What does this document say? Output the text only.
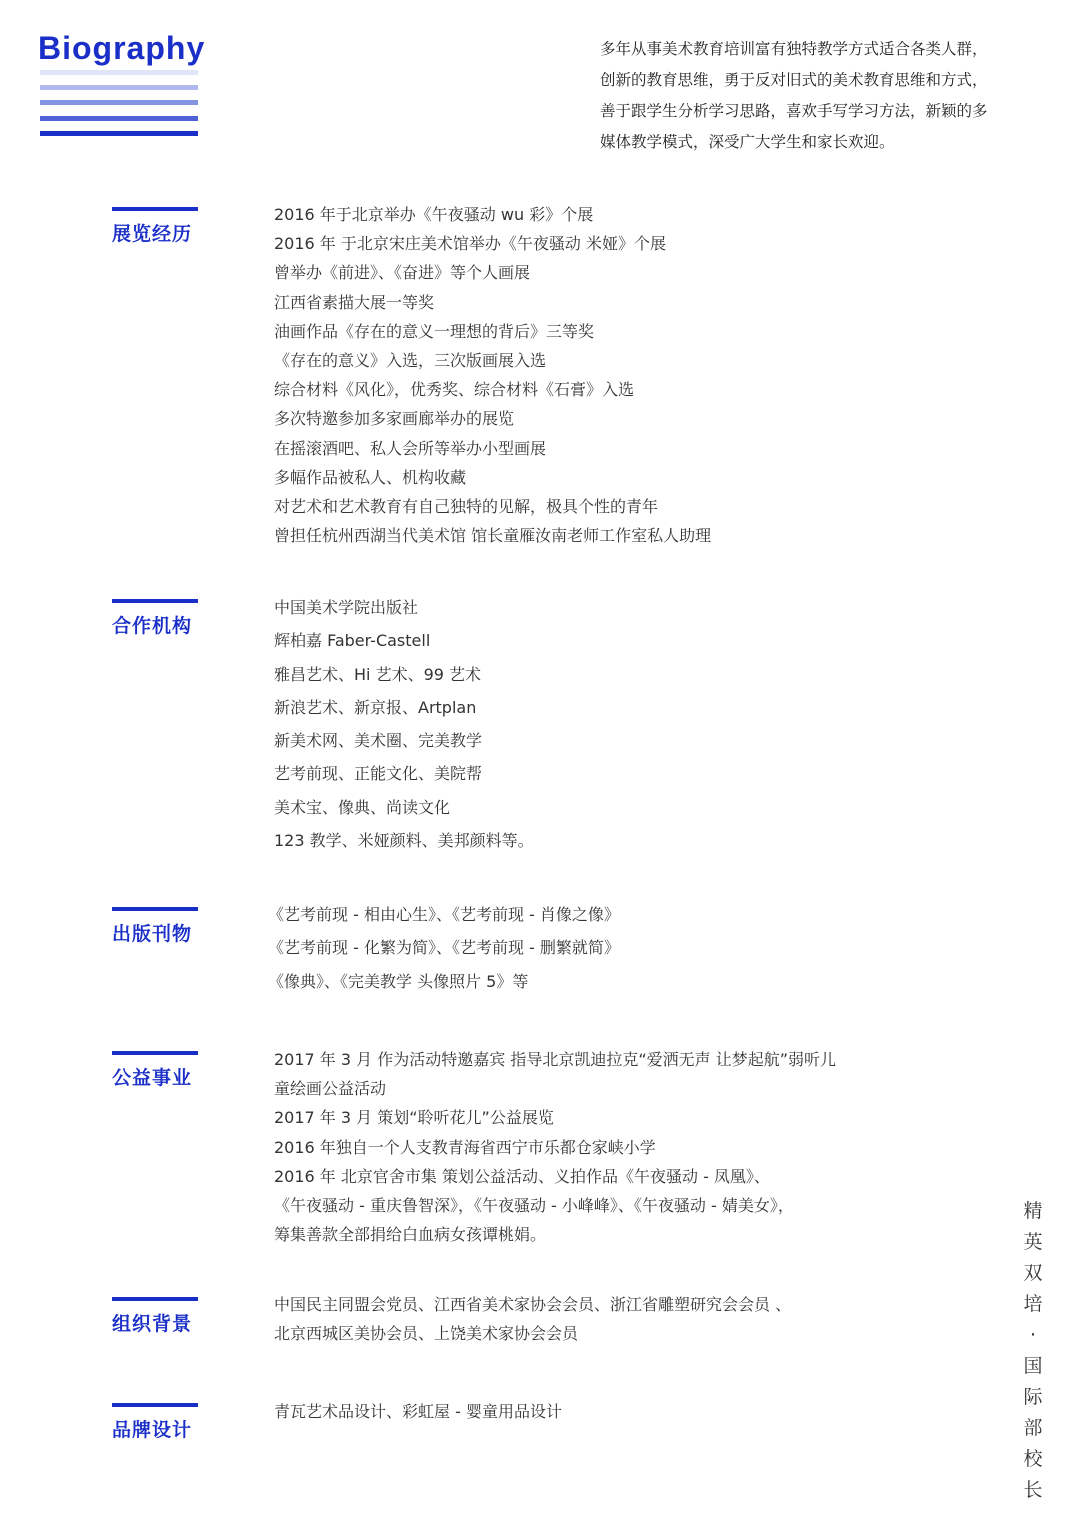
Biography	多年从事美术教育培训富有独特教学方式适合各类人群，
创新的教育思维，勇于反对旧式的美术教育思维和方式，
善于跟学生分析学习思路，喜欢手写学习方法，新颖的多
媒体教学模式，深受广大学生和家长欢迎。
展览经历
2016 年于北京举办《午夜骚动 wu 彩》个展
2016 年 于北京宋庄美术馆举办《午夜骚动 米娅》个展
曾举办《前进》、《奋进》等个人画展
江西省素描大展一等奖
油画作品《存在的意义一理想的背后》三等奖
《存在的意义》入选，三次版画展入选
综合材料《风化》，优秀奖、综合材料《石膏》入选
多次特邀参加多家画廊举办的展览
在摇滚酒吧、私人会所等举办小型画展
多幅作品被私人、机构收藏
对艺术和艺术教育有自己独特的见解，极具个性的青年
曾担任杭州西湖当代美术馆 馆长童雁汝南老师工作室私人助理
合作机构
中国美术学院出版社
辉柏嘉 Faber-Castell
雅昌艺术、Hi 艺术、99 艺术
新浪艺术、新京报、Artplan
新美术网、美术圈、完美教学
艺考前现、正能文化、美院帮
美术宝、像典、尚读文化
123 教学、米娅颜料、美邦颜料等。
出版刊物
《艺考前现 - 相由心生》、《艺考前现 - 肖像之像》
《艺考前现 - 化繁为简》、《艺考前现 - 删繁就简》
《像典》、《完美教学 头像照片 5》等
公益事业
2017 年 3 月 作为活动特邀嘉宾 指导北京凯迪拉克“爱洒无声 让梦起航”弱听儿
童绘画公益活动
2017 年 3 月 策划“聆听花儿”公益展览
2016 年独自一个人支教青海省西宁市乐都仓家峡小学
2016 年 北京官舍市集 策划公益活动、义拍作品《午夜骚动 - 凤凰》、
《午夜骚动 - 重庆鲁智深》，《午夜骚动 - 小峰峰》、《午夜骚动 - 婧美女》，
筹集善款全部捐给白血病女孩谭桃娟。
组织背景
中国民主同盟会党员、江西省美术家协会会员、浙江省雕塑研究会会员 、
北京西城区美协会员、上饶美术家协会会员
品牌设计
青瓦艺术品设计、彩虹屋 - 婴童用品设计
精
英
双
培
·
国
际
部
校
长
